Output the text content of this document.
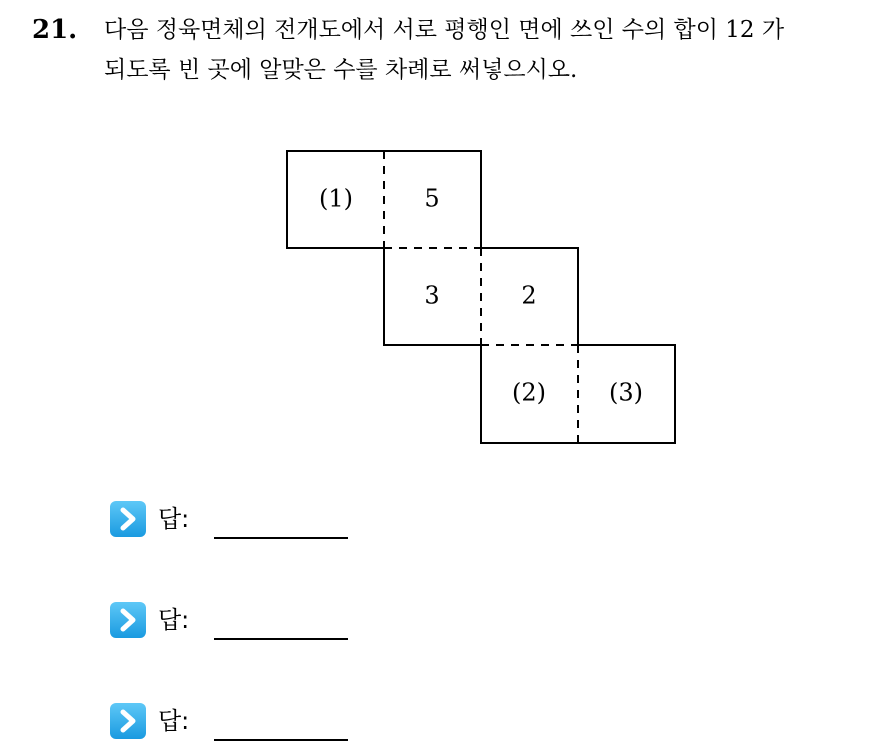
21. 다음 정육면체의 전개도에서 서로 평행인 면에 쓰인 수의 합이 12 가
되도록 빈 곳에 알맞은 수를 차례로 써넣으시오.
(1)	5
3	2
(2)	(3)
답:
답:
답:
